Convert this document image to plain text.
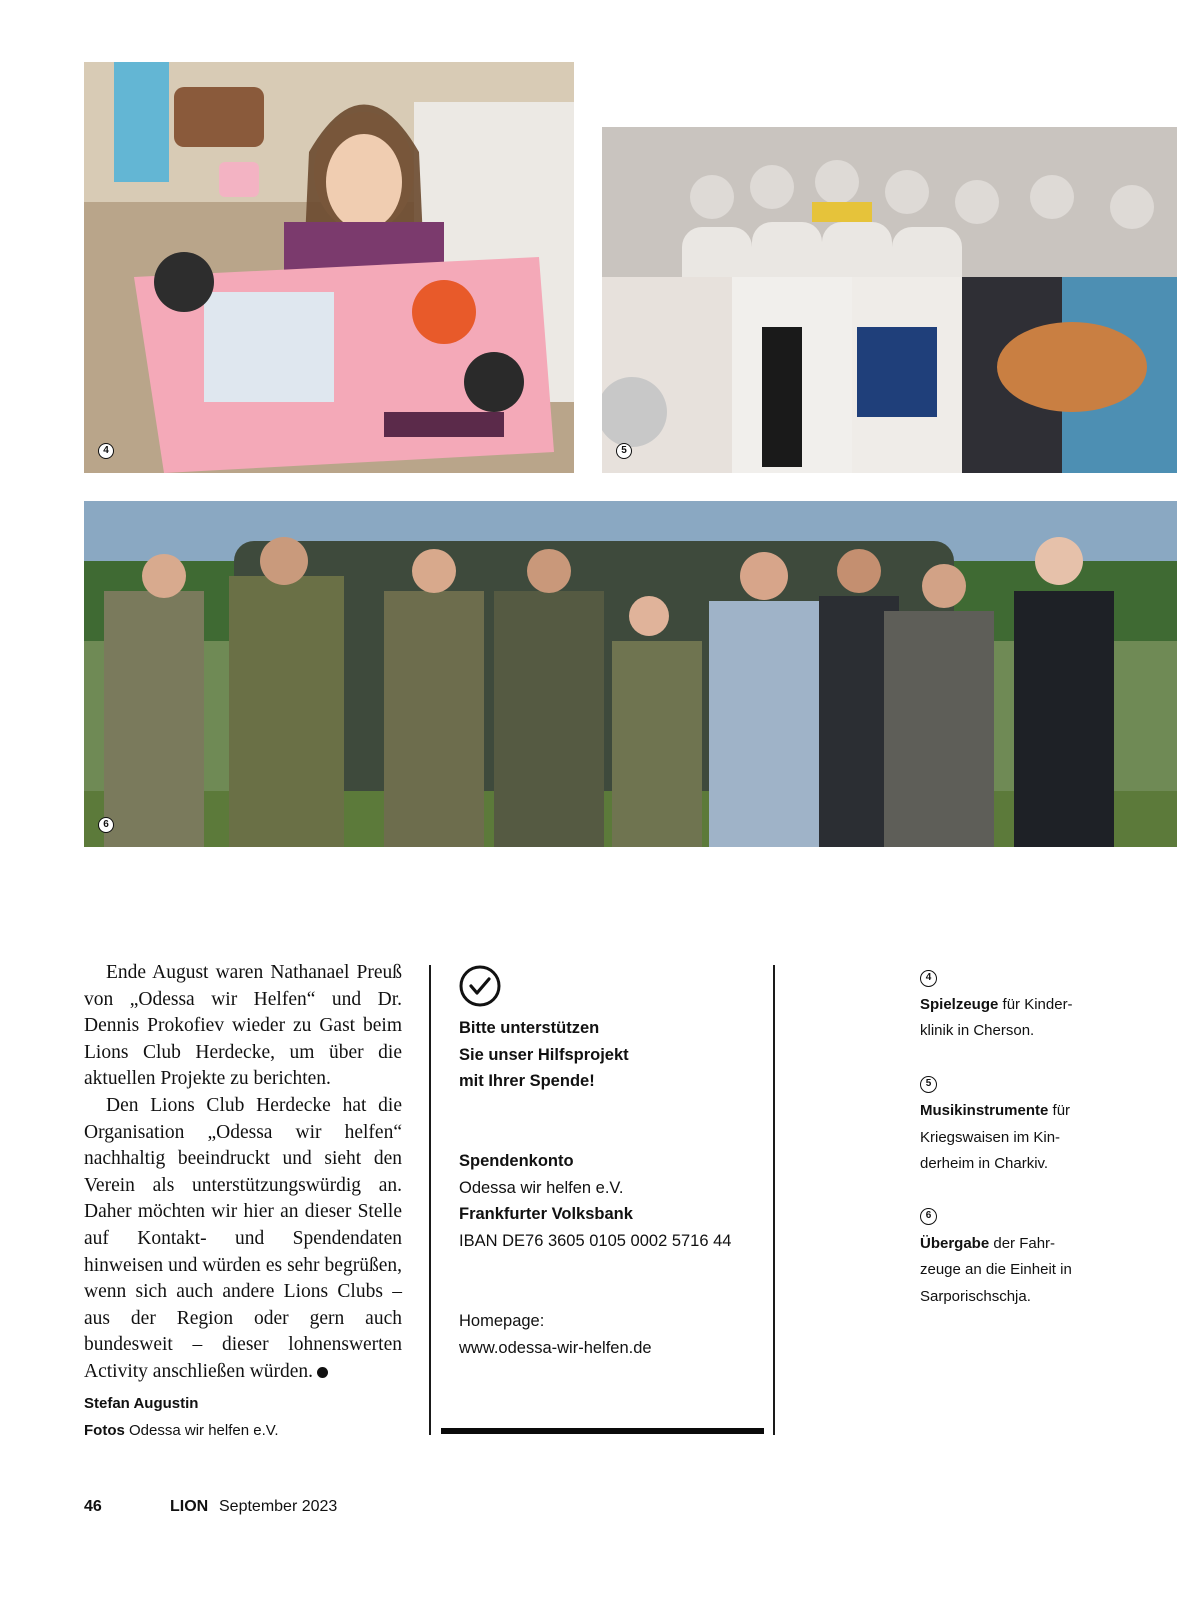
4	5
6

Ende August waren Nathanael Preuß von „Odessa wir Helfen“ und Dr. Dennis Prokofiev wieder zu Gast beim Lions Club Herdecke, um über die aktuellen Projekte zu berichten.

Den Lions Club Herdecke hat die Organisation „Odessa wir helfen“ nachhaltig beeindruckt und sieht den Verein als unterstützungswürdig an. Daher möchten wir hier an dieser Stelle auf Kontakt- und Spendendaten hinweisen und würden es sehr begrüßen, wenn sich auch andere Lions Clubs – aus der Region oder gern auch bundesweit – dieser lohnenswerten Activity anschließen würden.

Stefan Augustin
Fotos Odessa wir helfen e.V.
Bitte unterstützen
Sie unser Hilfsprojekt
mit Ihrer Spende!
Spendenkonto
Odessa wir helfen e.V.
Frankfurter Volksbank
IBAN DE76 3605 0105 0002 5716 44
Homepage:
www.odessa-wir-helfen.de
4
Spielzeuge für Kinder-
klinik in Cherson.
5
Musikinstrumente für
Kriegswaisen im Kin-
derheim in Charkiv.
6
Übergabe der Fahr-
zeuge an die Einheit in
Sarporischschja.
46	LION September 2023
